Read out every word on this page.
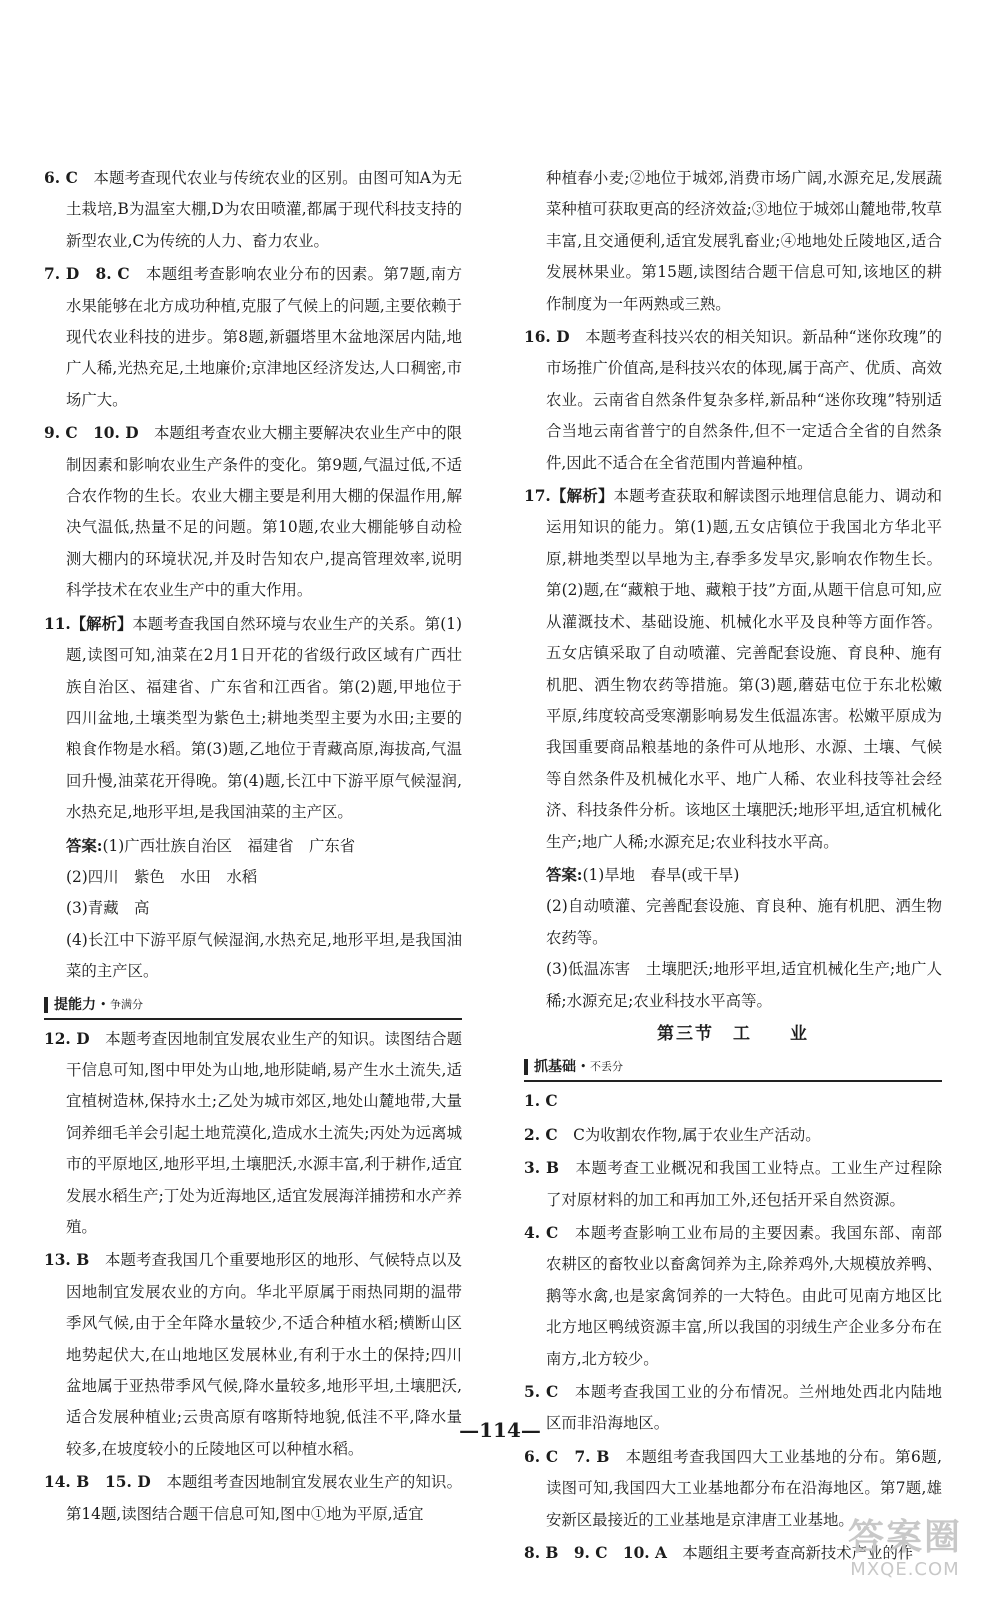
6. C　本题考查现代农业与传统农业的区别。由图可知A为无土栽培,B为温室大棚,D为农田喷灌,都属于现代科技支持的新型农业,C为传统的人力、畜力农业。
7. D　8. C　本题组考查影响农业分布的因素。第7题,南方水果能够在北方成功种植,克服了气候上的问题,主要依赖于现代农业科技的进步。第8题,新疆塔里木盆地深居内陆,地广人稀,光热充足,土地廉价;京津地区经济发达,人口稠密,市场广大。
9. C　10. D　本题组考查农业大棚主要解决农业生产中的限制因素和影响农业生产条件的变化。第9题,气温过低,不适合农作物的生长。农业大棚主要是利用大棚的保温作用,解决气温低,热量不足的问题。第10题,农业大棚能够自动检测大棚内的环境状况,并及时告知农户,提高管理效率,说明科学技术在农业生产中的重大作用。
11.【解析】本题考查我国自然环境与农业生产的关系。第(1)题,读图可知,油菜在2月1日开花的省级行政区域有广西壮族自治区、福建省、广东省和江西省。第(2)题,甲地位于四川盆地,土壤类型为紫色土;耕地类型主要为水田;主要的粮食作物是水稻。第(3)题,乙地位于青藏高原,海拔高,气温回升慢,油菜花开得晚。第(4)题,长江中下游平原气候湿润,水热充足,地形平坦,是我国油菜的主产区。
答案:(1)广西壮族自治区　福建省　广东省
(2)四川　紫色　水田　水稻
(3)青藏　高
(4)长江中下游平原气候湿润,水热充足,地形平坦,是我国油菜的主产区。
提能力 • 争满分
12. D　本题考查因地制宜发展农业生产的知识。读图结合题干信息可知,图中甲处为山地,地形陡峭,易产生水土流失,适宜植树造林,保持水土;乙处为城市郊区,地处山麓地带,大量饲养细毛羊会引起土地荒漠化,造成水土流失;丙处为远离城市的平原地区,地形平坦,土壤肥沃,水源丰富,利于耕作,适宜发展水稻生产;丁处为近海地区,适宜发展海洋捕捞和水产养殖。
13. B　本题考查我国几个重要地形区的地形、气候特点以及因地制宜发展农业的方向。华北平原属于雨热同期的温带季风气候,由于全年降水量较少,不适合种植水稻;横断山区地势起伏大,在山地地区发展林业,有利于水土的保持;四川盆地属于亚热带季风气候,降水量较多,地形平坦,土壤肥沃,适合发展种植业;云贵高原有喀斯特地貌,低洼不平,降水量较多,在坡度较小的丘陵地区可以种植水稻。
14. B　15. D　本题组考查因地制宜发展农业生产的知识。第14题,读图结合题干信息可知,图中①地为平原,适宜
种植春小麦;②地位于城郊,消费市场广阔,水源充足,发展蔬菜种植可获取更高的经济效益;③地位于城郊山麓地带,牧草丰富,且交通便利,适宜发展乳畜业;④地地处丘陵地区,适合发展林果业。第15题,读图结合题干信息可知,该地区的耕作制度为一年两熟或三熟。
16. D　本题考查科技兴农的相关知识。新品种“迷你玫瑰”的市场推广价值高,是科技兴农的体现,属于高产、优质、高效农业。云南省自然条件复杂多样,新品种“迷你玫瑰”特别适合当地云南省普宁的自然条件,但不一定适合全省的自然条件,因此不适合在全省范围内普遍种植。
17.【解析】本题考查获取和解读图示地理信息能力、调动和运用知识的能力。第(1)题,五女店镇位于我国北方华北平原,耕地类型以旱地为主,春季多发旱灾,影响农作物生长。第(2)题,在“藏粮于地、藏粮于技”方面,从题干信息可知,应从灌溉技术、基础设施、机械化水平及良种等方面作答。五女店镇采取了自动喷灌、完善配套设施、育良种、施有机肥、洒生物农药等措施。第(3)题,蘑菇屯位于东北松嫩平原,纬度较高受寒潮影响易发生低温冻害。松嫩平原成为我国重要商品粮基地的条件可从地形、水源、土壤、气候等自然条件及机械化水平、地广人稀、农业科技等社会经济、科技条件分析。该地区土壤肥沃;地形平坦,适宜机械化生产;地广人稀;水源充足;农业科技水平高。
答案:(1)旱地　春旱(或干旱)
(2)自动喷灌、完善配套设施、育良种、施有机肥、洒生物农药等。
(3)低温冻害　土壤肥沃;地形平坦,适宜机械化生产;地广人稀;水源充足;农业科技水平高等。
第三节　工　　业
抓基础 • 不丢分
1. C
2. C　C为收割农作物,属于农业生产活动。
3. B　本题考查工业概况和我国工业特点。工业生产过程除了对原材料的加工和再加工外,还包括开采自然资源。
4. C　本题考查影响工业布局的主要因素。我国东部、南部农耕区的畜牧业以畜禽饲养为主,除养鸡外,大规模放养鸭、鹅等水禽,也是家禽饲养的一大特色。由此可见南方地区比北方地区鸭绒资源丰富,所以我国的羽绒生产企业多分布在南方,北方较少。
5. C　本题考查我国工业的分布情况。兰州地处西北内陆地区而非沿海地区。
6. C　7. B　本题组考查我国四大工业基地的分布。第6题,读图可知,我国四大工业基地都分布在沿海地区。第7题,雄安新区最接近的工业基地是京津唐工业基地。
8. B　9. C　10. A　本题组主要考查高新技术产业的作
—114—
答案圈
MXQE.COM
